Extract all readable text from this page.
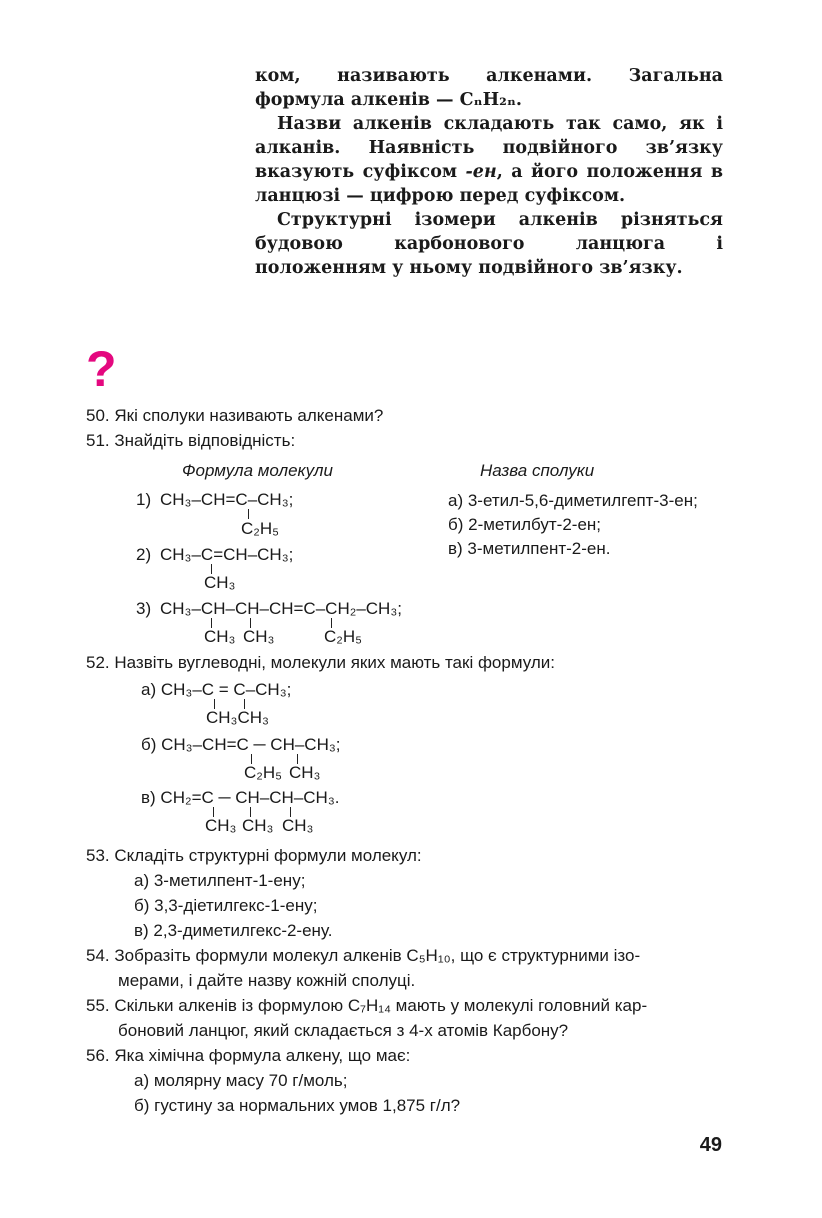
ком, називають алкенами. Загальна формула алкенів — CₙH₂ₙ.

Назви алкенів складають так само, як і алканів. Наявність подвійного зв’язку вказують суфіксом -ен, а його положення в ланцюзі — цифрою перед суфіксом.

Структурні ізомери алкенів різняться будовою карбонового ланцюга і положенням у ньому подвійного зв’язку.

?
50. Які сполуки називають алкенами?
51. Знайдіть відповідність:
Формула молекули	Назва сполуки
1) CH₃–CH=C–CH₃;
C₂H₅
2) CH₃–C=CH–CH₃;
CH₃
3) CH₃–CH–CH–CH=C–CH₂–CH₃;
CH₃ CH₃	C₂H₅
а) 3-етил-5,6-диметилгепт-3-ен;
б) 2-метилбут-2-ен;
в) 3-метилпент-2-ен.
52. Назвіть вуглеводні, молекули яких мають такі формули:
а) CH₃–C = C–CH₃;
CH₃CH₃
б) CH₃–CH=C ─ CH–CH₃;
C₂H₅ CH₃
в) CH₂=C ─ CH–CH–CH₃.
CH₃ CH₃ CH₃
53. Складіть структурні формули молекул:
а) 3-метилпент-1-ену;
б) 3,3-діетилгекс-1-ену;
в) 2,3-диметилгекс-2-ену.
54. Зобразіть формули молекул алкенів C₅H₁₀, що є структурними ізо-
мерами, і дайте назву кожній сполуці.
55. Скільки алкенів із формулою C₇H₁₄ мають у молекулі головний кар-
боновий ланцюг, який складається з 4-х атомів Карбону?
56. Яка хімічна формула алкену, що має:
а) молярну масу 70 г/моль;
б) густину за нормальних умов 1,875 г/л?
49
